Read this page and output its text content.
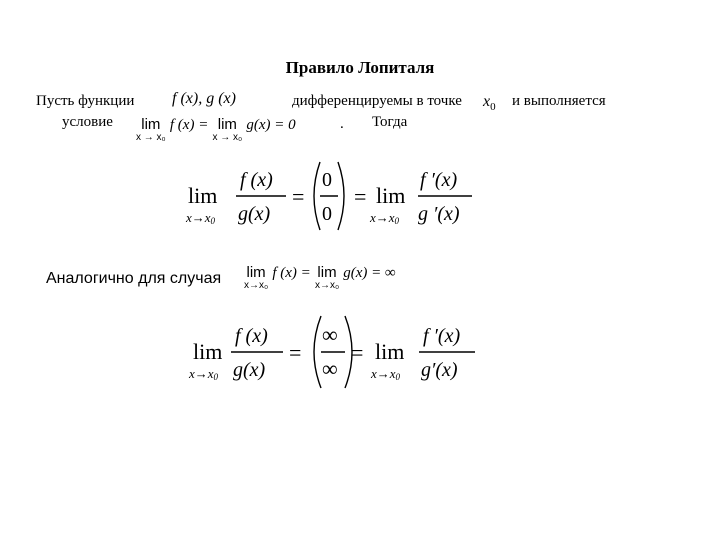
Правило Лопиталя
Пусть функции f (x), g (x)	дифференцируемы в точке $x_0$ и выполняется
условие	lim
x → x₀
f (x) = lim
x → x₀
g(x) = 0	. Тогда
lim
x→x0
f (x)
g(x)
=
0
0
= lim
x→x0
f ′(x)
g ′(x)
Аналогично для случая lim
x→x₀
f (x) = lim
x→x₀
g(x) = ∞
lim
x→x0
f (x)
g(x)
=
∞
∞
= lim
x→x0
f ′(x)
g′(x)
